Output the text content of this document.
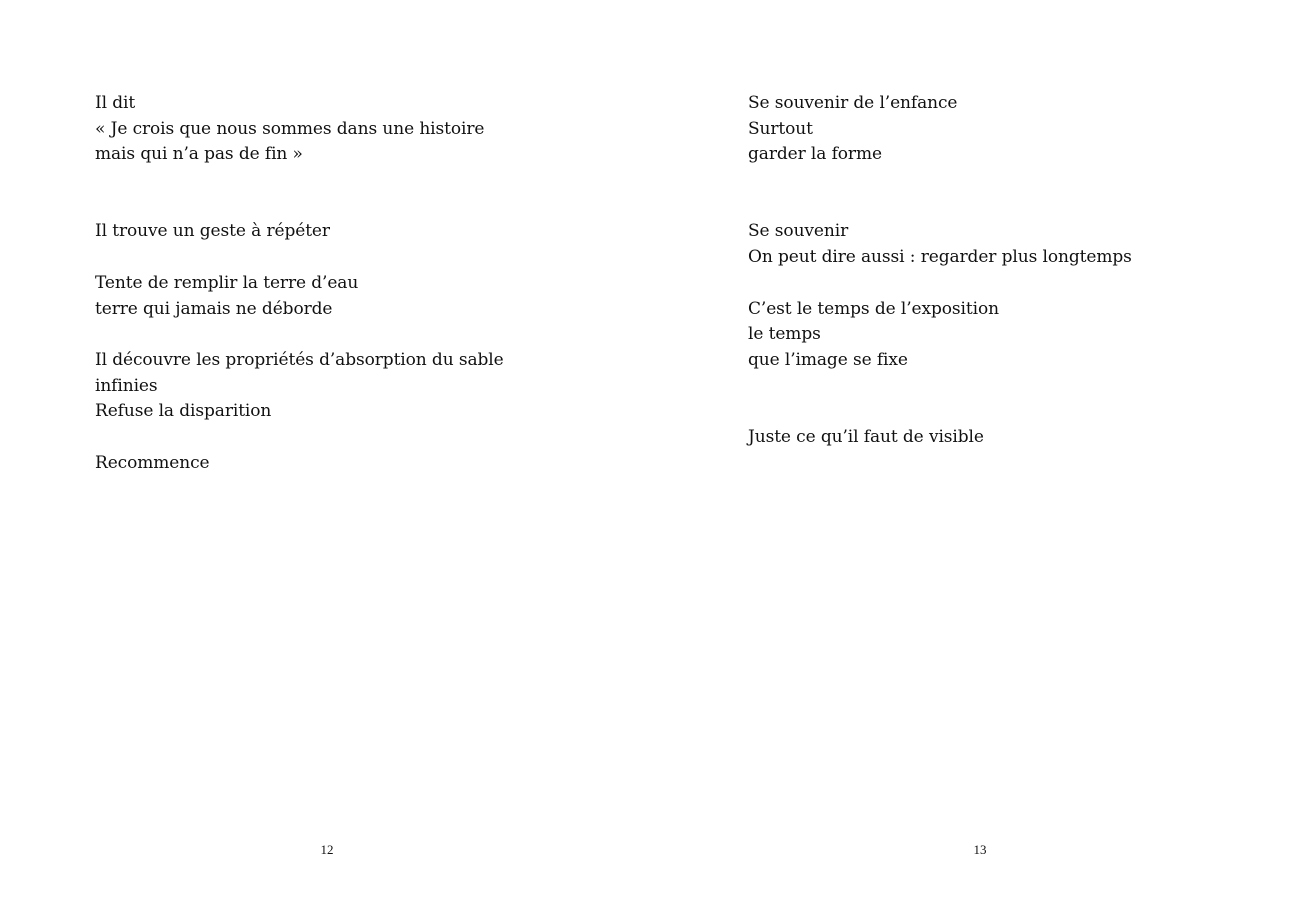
Il dit
« Je crois que nous sommes dans une histoire
mais qui n’a pas de fin »
Il trouve un geste à répéter
Tente de remplir la terre d’eau
terre qui jamais ne déborde
Il découvre les propriétés d’absorption du sable
infinies
Refuse la disparition
Recommence
12
Se souvenir de l’enfance
Surtout
garder la forme
Se souvenir
On peut dire aussi : regarder plus longtemps
C’est le temps de l’exposition
le temps
que l’image se fixe
Juste ce qu’il faut de visible
13
